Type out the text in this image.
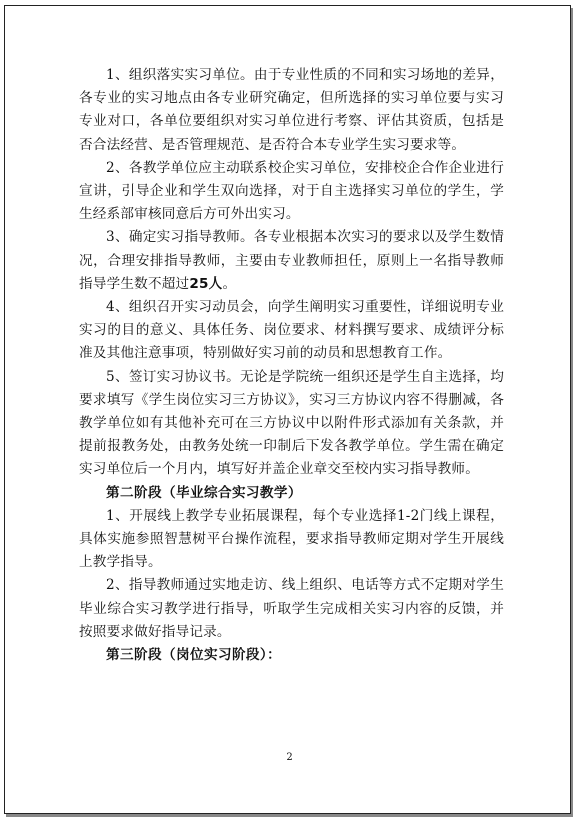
1、组织落实实习单位。由于专业性质的不同和实习场地的差异，各专业的实习地点由各专业研究确定，但所选择的实习单位要与实习专业对口，各单位要组织对实习单位进行考察、评估其资质，包括是否合法经营、是否管理规范、是否符合本专业学生实习要求等。

2、各教学单位应主动联系校企实习单位，安排校企合作企业进行宣讲，引导企业和学生双向选择，对于自主选择实习单位的学生，学生经系部审核同意后方可外出实习。

3、确定实习指导教师。各专业根据本次实习的要求以及学生数情况，合理安排指导教师，主要由专业教师担任，原则上一名指导教师指导学生数不超过25人。

4、组织召开实习动员会，向学生阐明实习重要性，详细说明专业实习的目的意义、具体任务、岗位要求、材料撰写要求、成绩评分标准及其他注意事项，特别做好实习前的动员和思想教育工作。

5、签订实习协议书。无论是学院统一组织还是学生自主选择，均要求填写《学生岗位实习三方协议》，实习三方协议内容不得删减，各教学单位如有其他补充可在三方协议中以附件形式添加有关条款，并提前报教务处，由教务处统一印制后下发各教学单位。学生需在确定实习单位后一个月内，填写好并盖企业章交至校内实习指导教师。

第二阶段（毕业综合实习教学）

1、开展线上教学专业拓展课程，每个专业选择1-2门线上课程，具体实施参照智慧树平台操作流程，要求指导教师定期对学生开展线上教学指导。

2、指导教师通过实地走访、线上组织、电话等方式不定期对学生毕业综合实习教学进行指导，听取学生完成相关实习内容的反馈，并按照要求做好指导记录。

第三阶段（岗位实习阶段）：

2
